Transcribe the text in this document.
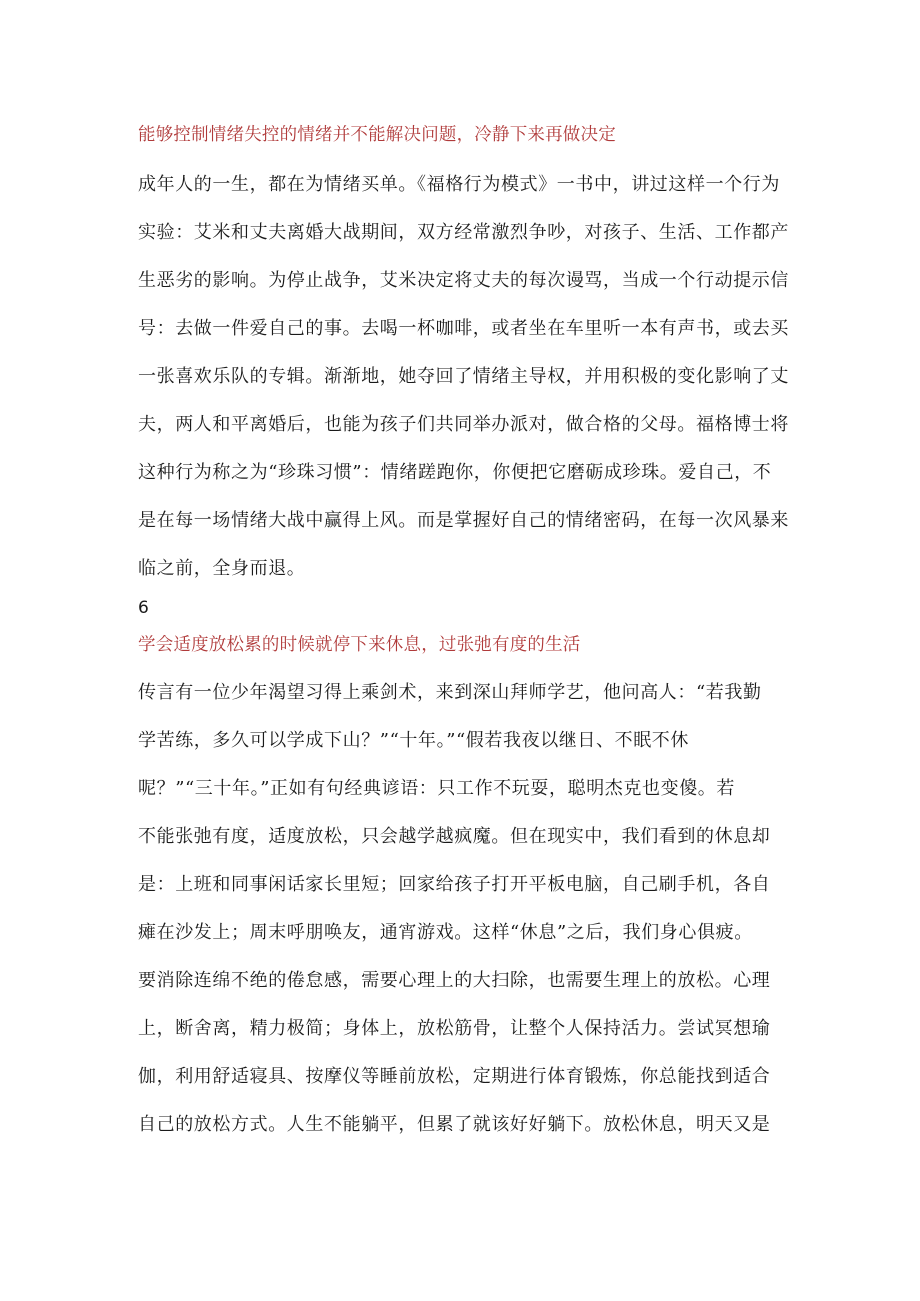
能够控制情绪失控的情绪并不能解决问题，冷静下来再做决定

成年人的一生，都在为情绪买单。《福格行为模式》一书中，讲过这样一个行为

实验：艾米和丈夫离婚大战期间，双方经常激烈争吵，对孩子、生活、工作都产

生恶劣的影响。为停止战争，艾米决定将丈夫的每次谩骂，当成一个行动提示信

号：去做一件爱自己的事。去喝一杯咖啡，或者坐在车里听一本有声书，或去买

一张喜欢乐队的专辑。渐渐地，她夺回了情绪主导权，并用积极的变化影响了丈

夫，两人和平离婚后，也能为孩子们共同举办派对，做合格的父母。福格博士将

这种行为称之为“珍珠习惯”：情绪蹉跑你，你便把它磨砺成珍珠。爱自己，不

是在每一场情绪大战中赢得上风。而是掌握好自己的情绪密码，在每一次风暴来

临之前，全身而退。

6

学会适度放松累的时候就停下来休息，过张弛有度的生活

传言有一位少年渴望习得上乘剑术，来到深山拜师学艺，他问高人：“若我勤

学苦练，多久可以学成下山？”“十年。”“假若我夜以继日、不眠不休

呢？”“三十年。”正如有句经典谚语：只工作不玩耍，聪明杰克也变傻。若

不能张弛有度，适度放松，只会越学越疯魔。但在现实中，我们看到的休息却

是：上班和同事闲话家长里短；回家给孩子打开平板电脑，自己刷手机，各自

瘫在沙发上；周末呼朋唤友，通宵游戏。这样“休息”之后，我们身心俱疲。

要消除连绵不绝的倦怠感，需要心理上的大扫除，也需要生理上的放松。心理

上，断舍离，精力极简；身体上，放松筋骨，让整个人保持活力。尝试冥想瑜

伽，利用舒适寝具、按摩仪等睡前放松，定期进行体育锻炼，你总能找到适合

自己的放松方式。人生不能躺平，但累了就该好好躺下。放松休息，明天又是
